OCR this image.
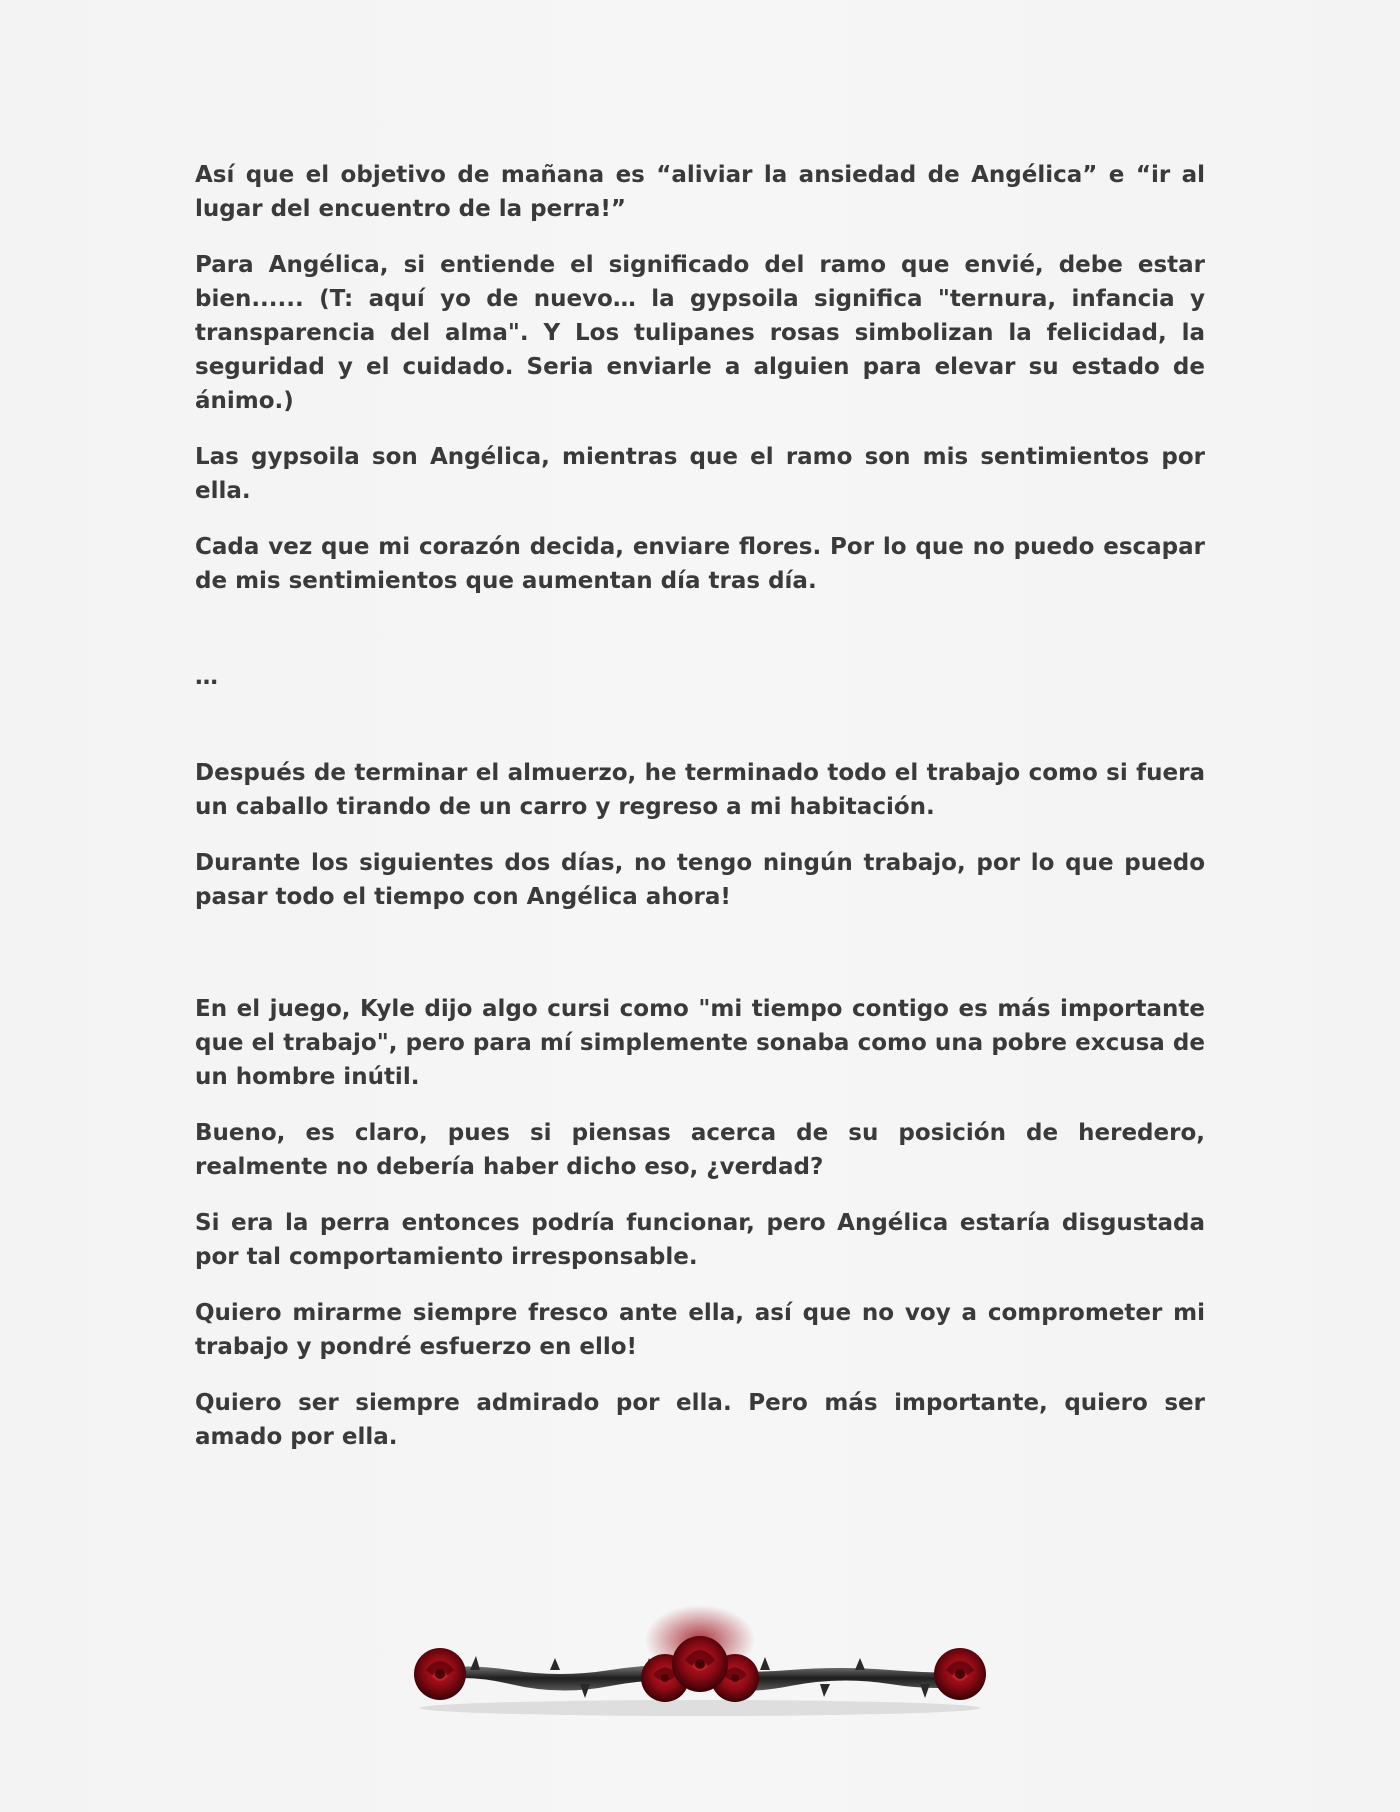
Así que el objetivo de mañana es “aliviar la ansiedad de Angélica” e “ir al lugar del encuentro de la perra!”

Para Angélica, si entiende el significado del ramo que envié, debe estar bien...... (T: aquí yo de nuevo… la gypsoila significa "ternura, infancia y transparencia del alma". Y Los tulipanes rosas simbolizan la felicidad, la seguridad y el cuidado. Seria enviarle a alguien para elevar su estado de ánimo.)

Las gypsoila son Angélica, mientras que el ramo son mis sentimientos por ella.

Cada vez que mi corazón decida, enviare flores. Por lo que no puedo escapar de mis sentimientos que aumentan día tras día.

…

Después de terminar el almuerzo, he terminado todo el trabajo como si fuera un caballo tirando de un carro y regreso a mi habitación.

Durante los siguientes dos días, no tengo ningún trabajo, por lo que puedo pasar todo el tiempo con Angélica ahora!

En el juego, Kyle dijo algo cursi como "mi tiempo contigo es más importante que el trabajo", pero para mí simplemente sonaba como una pobre excusa de un hombre inútil.

Bueno, es claro, pues si piensas acerca de su posición de heredero, realmente no debería haber dicho eso, ¿verdad?

Si era la perra entonces podría funcionar, pero Angélica estaría disgustada por tal comportamiento irresponsable.

Quiero mirarme siempre fresco ante ella, así que no voy a comprometer mi trabajo y pondré esfuerzo en ello!

Quiero ser siempre admirado por ella. Pero más importante, quiero ser amado por ella.
